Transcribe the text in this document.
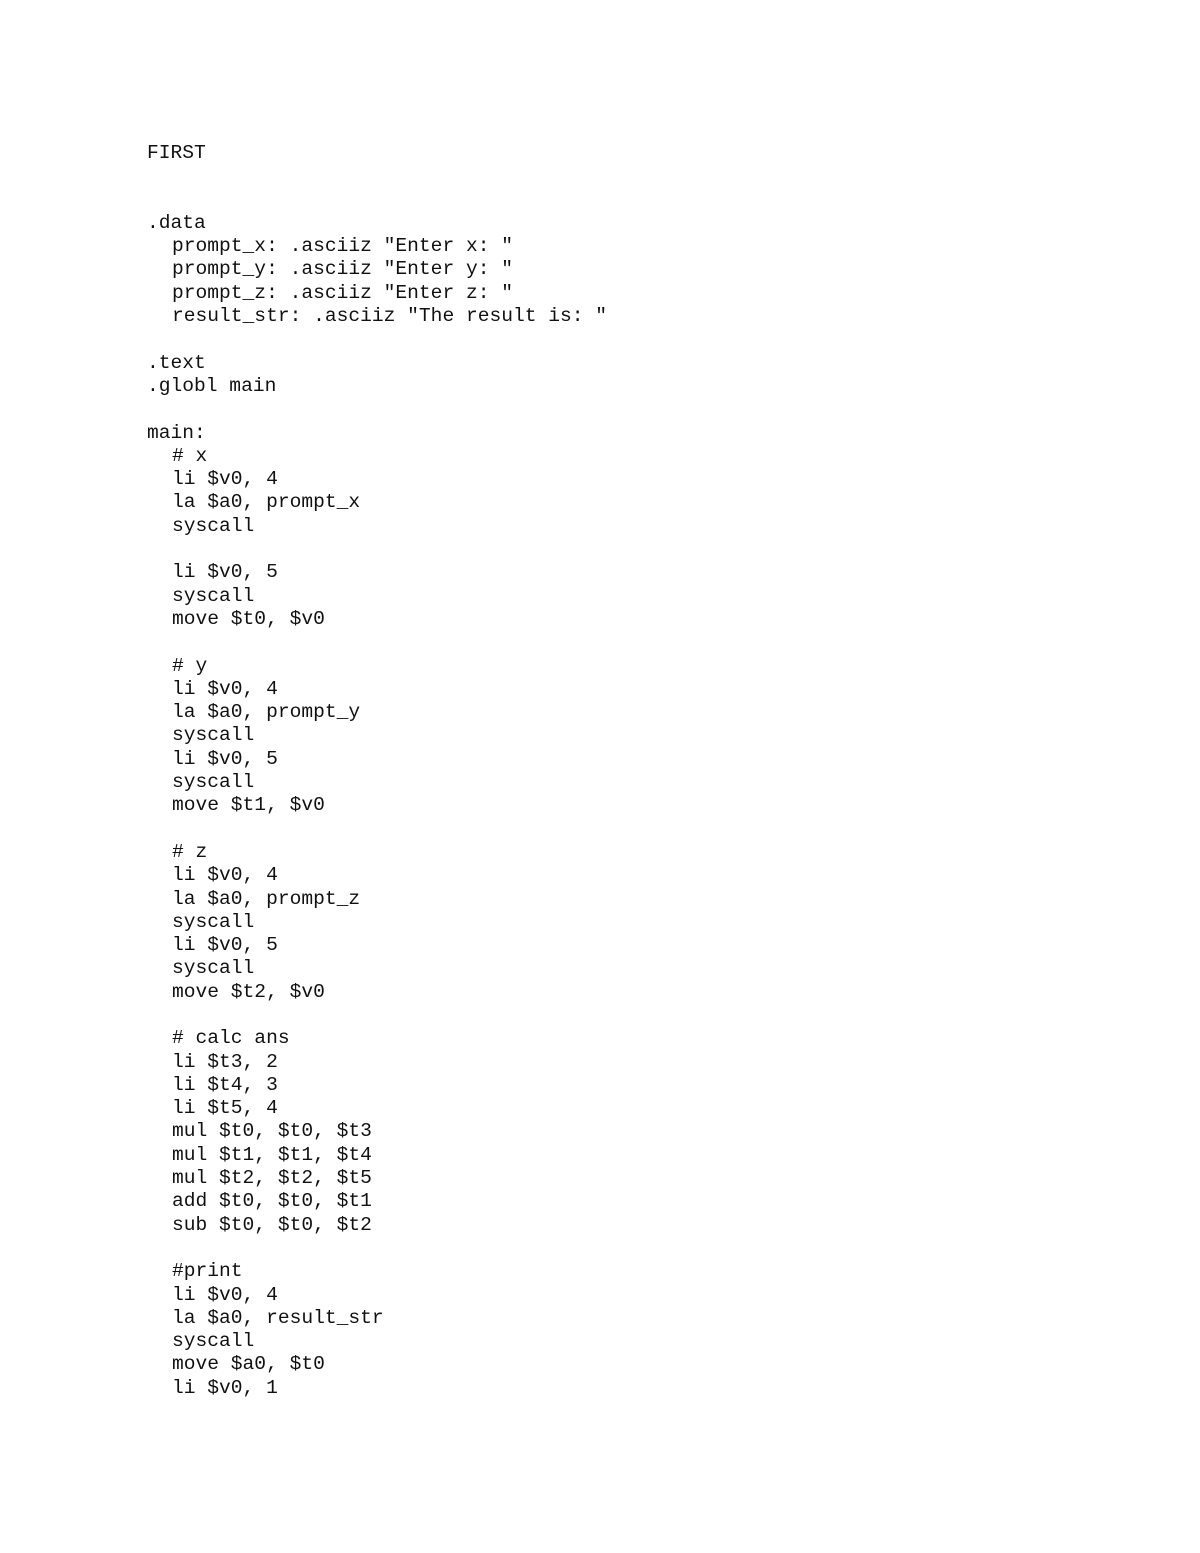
FIRST
.data
prompt_x: .asciiz "Enter x: "
prompt_y: .asciiz "Enter y: "
prompt_z: .asciiz "Enter z: "
result_str: .asciiz "The result is: "
.text
.globl main
main:
# x
li $v0, 4
la $a0, prompt_x
syscall
li $v0, 5
syscall
move $t0, $v0
# y
li $v0, 4
la $a0, prompt_y
syscall
li $v0, 5
syscall
move $t1, $v0
# z
li $v0, 4
la $a0, prompt_z
syscall
li $v0, 5
syscall
move $t2, $v0
# calc ans
li $t3, 2
li $t4, 3
li $t5, 4
mul $t0, $t0, $t3
mul $t1, $t1, $t4
mul $t2, $t2, $t5
add $t0, $t0, $t1
sub $t0, $t0, $t2
#print
li $v0, 4
la $a0, result_str
syscall
move $a0, $t0
li $v0, 1
